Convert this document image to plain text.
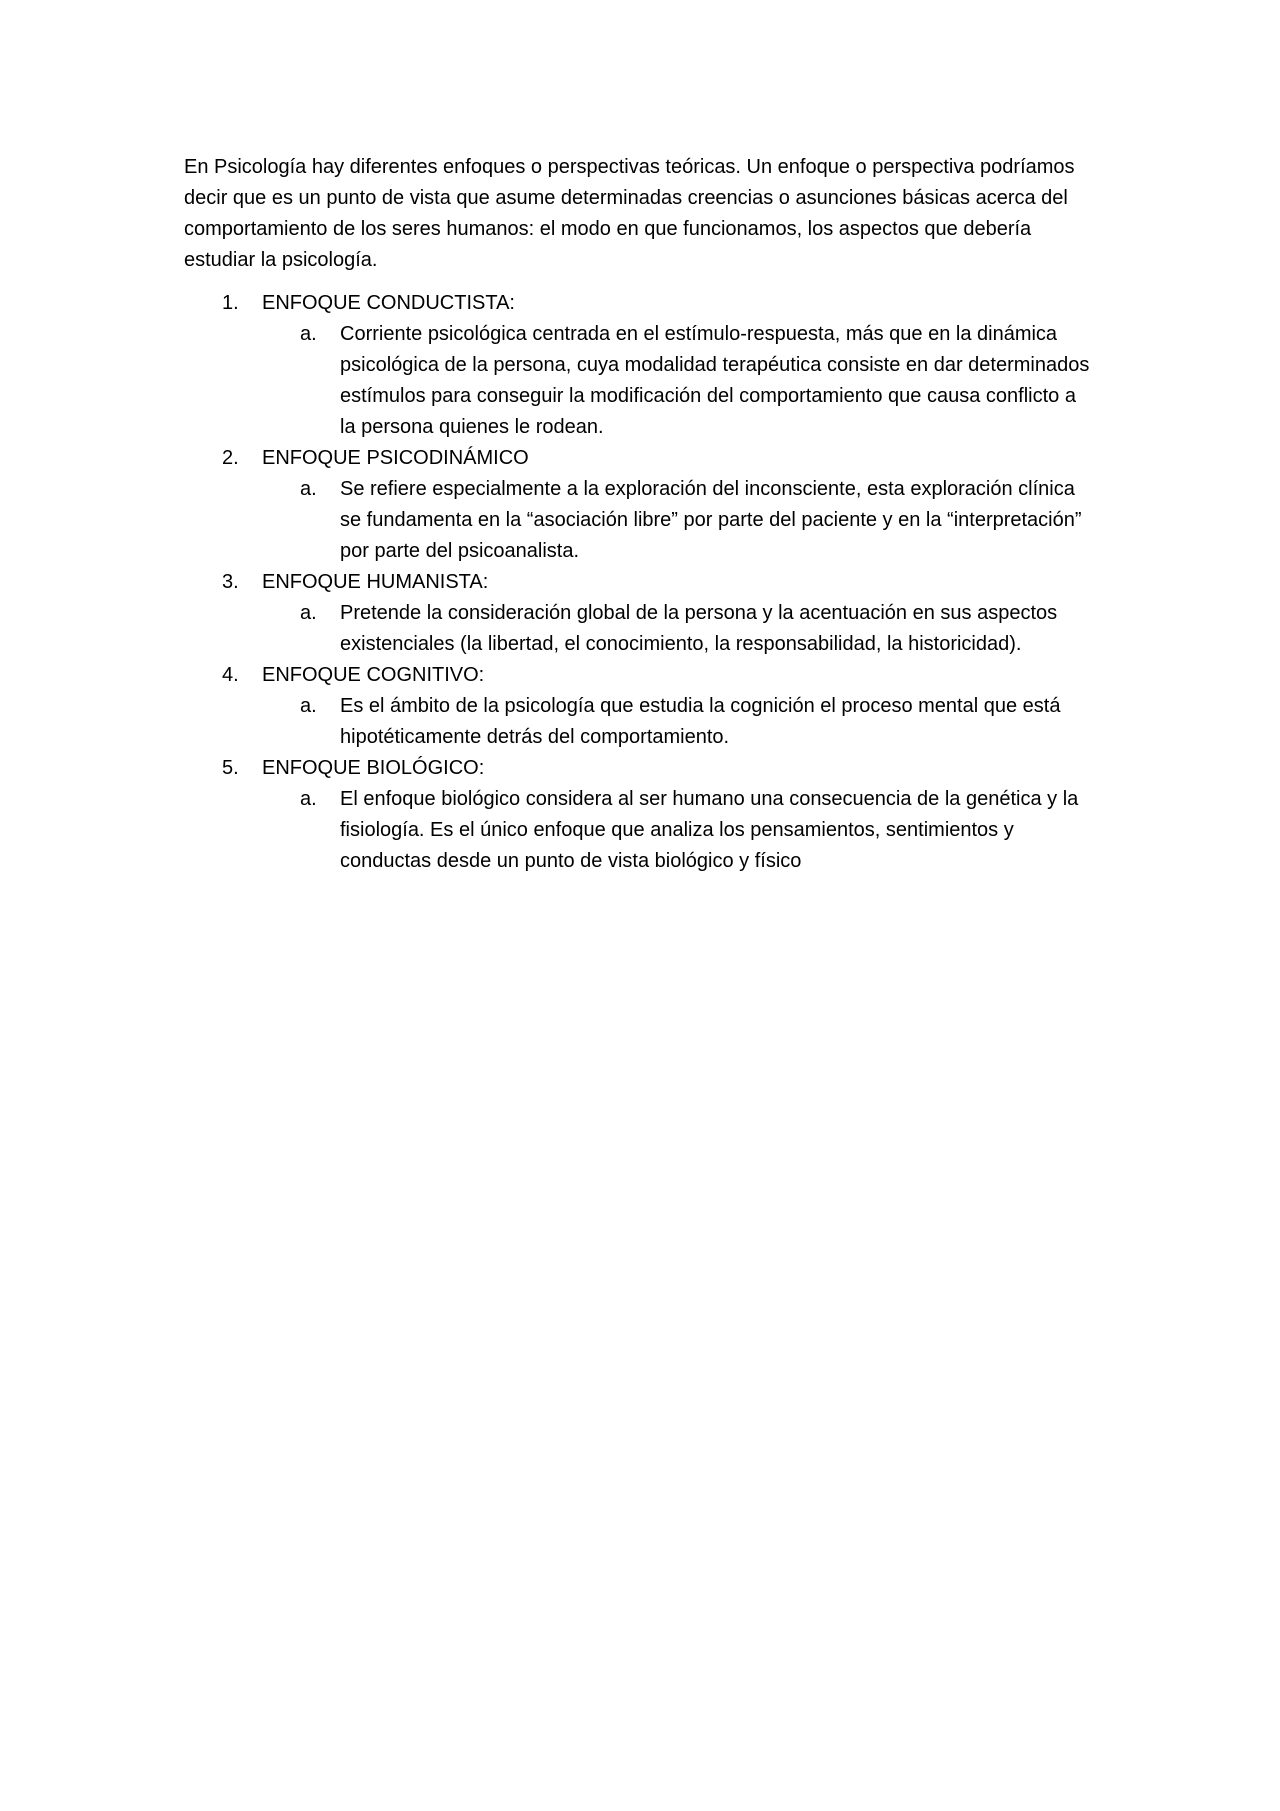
En Psicología hay diferentes enfoques o perspectivas teóricas. Un enfoque o perspectiva podríamos decir que es un punto de vista que asume determinadas creencias o asunciones básicas acerca del comportamiento de los seres humanos: el modo en que funcionamos, los aspectos que debería estudiar la psicología.

1.	ENFOQUE CONDUCTISTA:
a.	Corriente psicológica centrada en el estímulo-respuesta, más que en la dinámica psicológica de la persona, cuya modalidad terapéutica consiste en dar determinados estímulos para conseguir la modificación del comportamiento que causa conflicto a la persona quienes le rodean.
2.	ENFOQUE PSICODINÁMICO
a.	Se refiere especialmente a la exploración del inconsciente, esta exploración clínica se fundamenta en la “asociación libre” por parte del paciente y en la “interpretación” por parte del psicoanalista.
3.	ENFOQUE HUMANISTA:
a.	Pretende la consideración global de la persona y la acentuación en sus aspectos existenciales (la libertad, el conocimiento, la responsabilidad, la historicidad).
4.	ENFOQUE COGNITIVO:
a.	Es el ámbito de la psicología que estudia la cognición el proceso mental que está hipotéticamente detrás del comportamiento.
5.	ENFOQUE BIOLÓGICO:
a.	El enfoque biológico considera al ser humano una consecuencia de la genética y la fisiología. Es el único enfoque que analiza los pensamientos, sentimientos y conductas desde un punto de vista biológico y físico
